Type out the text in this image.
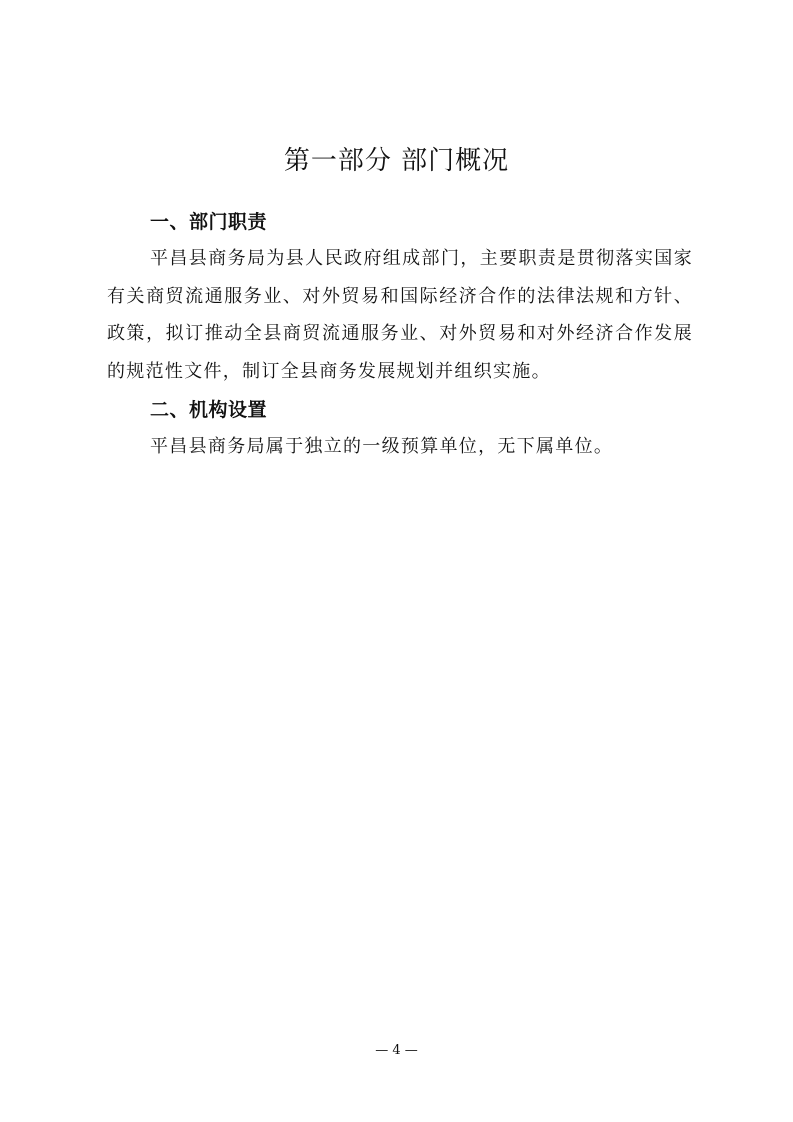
第一部分 部门概况
一、部门职责

平昌县商务局为县人民政府组成部门，主要职责是贯彻落实国家有关商贸流通服务业、对外贸易和国际经济合作的法律法规和方针、政策，拟订推动全县商贸流通服务业、对外贸易和对外经济合作发展的规范性文件，制订全县商务发展规划并组织实施。

二、机构设置

平昌县商务局属于独立的一级预算单位，无下属单位。

— 4 —
